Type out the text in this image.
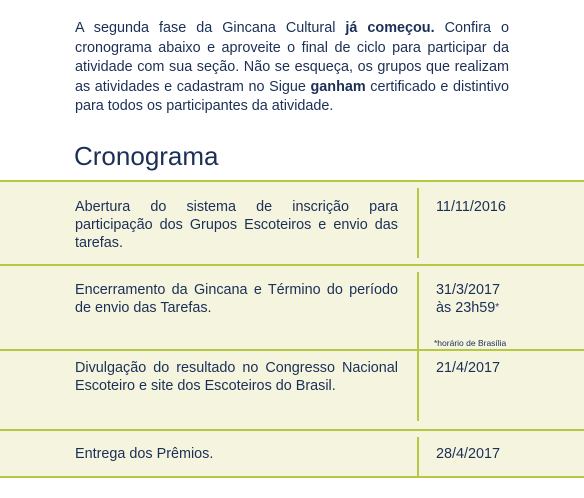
A segunda fase da Gincana Cultural já começou. Confira o cronograma abaixo e aproveite o final de ciclo para participar da atividade com sua seção. Não se esqueça, os grupos que realizam as atividades e cadastram no Sigue ganham certificado e distintivo para todos os participantes da atividade.

Cronograma
Abertura do sistema de inscrição para participação dos Grupos Escoteiros e envio das tarefas.
11/11/2016
Encerramento da Gincana e Término do período de envio das Tarefas.
31/3/2017
às 23h59*
*horário de Brasília
Divulgação do resultado no Congresso Nacional Escoteiro e site dos Escoteiros do Brasil.
21/4/2017
Entrega dos Prêmios.	28/4/2017
